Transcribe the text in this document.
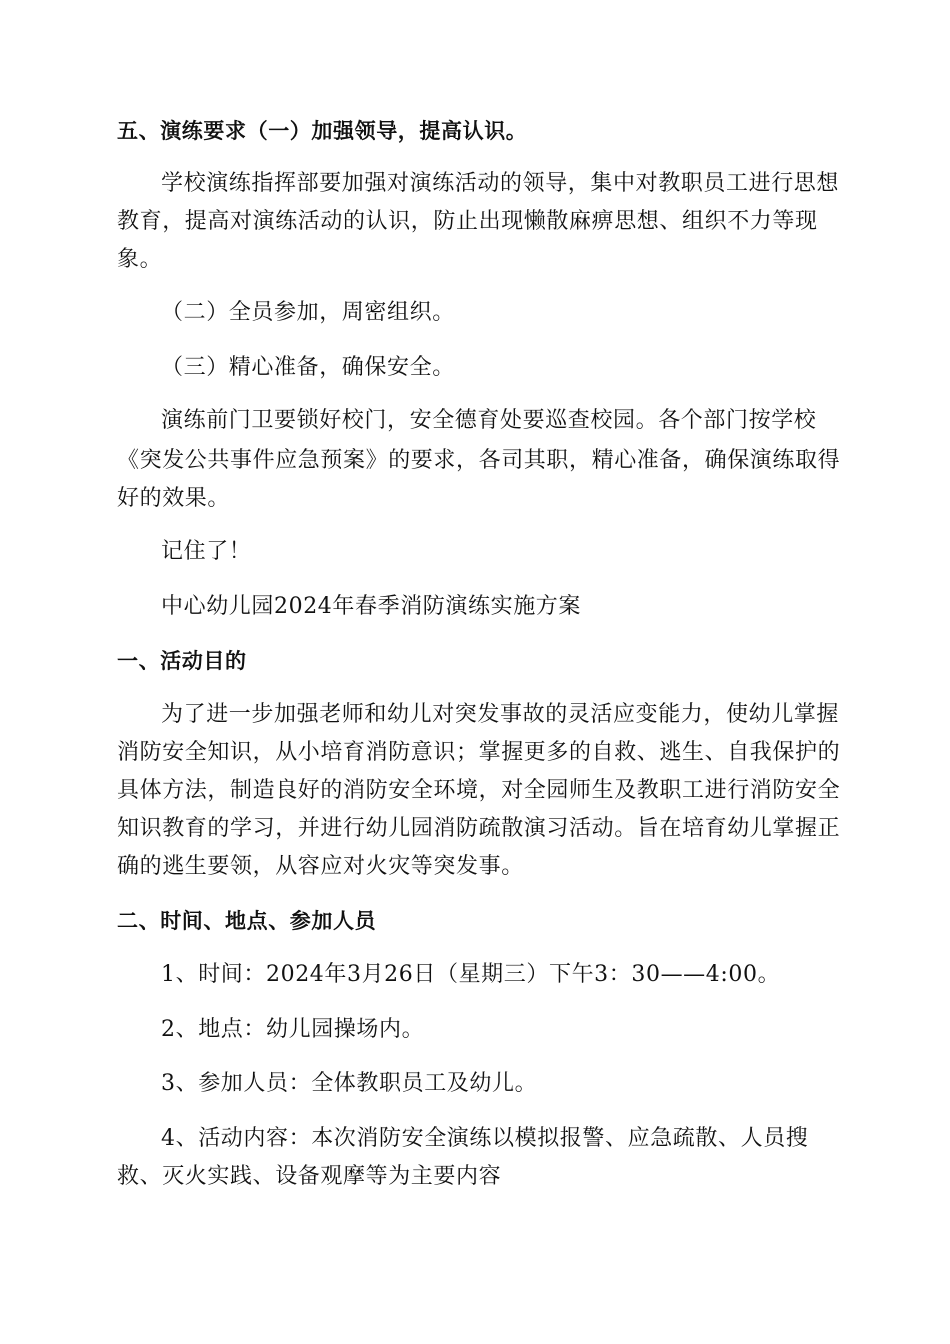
五、演练要求（一）加强领导，提高认识。
学校演练指挥部要加强对演练活动的领导，集中对教职员工进行思想
教育，提高对演练活动的认识，防止出现懒散麻痹思想、组织不力等现
象。
（二）全员参加，周密组织。
（三）精心准备，确保安全。
演练前门卫要锁好校门，安全德育处要巡查校园。各个部门按学校
《突发公共事件应急预案》的要求，各司其职，精心准备，确保演练取得
好的效果。
记住了！
中心幼儿园2024年春季消防演练实施方案
一、活动目的
为了进一步加强老师和幼儿对突发事故的灵活应变能力，使幼儿掌握
消防安全知识，从小培育消防意识；掌握更多的自救、逃生、自我保护的
具体方法，制造良好的消防安全环境，对全园师生及教职工进行消防安全
知识教育的学习，并进行幼儿园消防疏散演习活动。旨在培育幼儿掌握正
确的逃生要领，从容应对火灾等突发事。
二、时间、地点、参加人员
1、时间：2024年3月26日（星期三）下午3：30——4:00。
2、地点：幼儿园操场内。
3、参加人员：全体教职员工及幼儿。
4、活动内容：本次消防安全演练以模拟报警、应急疏散、人员搜
救、灭火实践、设备观摩等为主要内容
